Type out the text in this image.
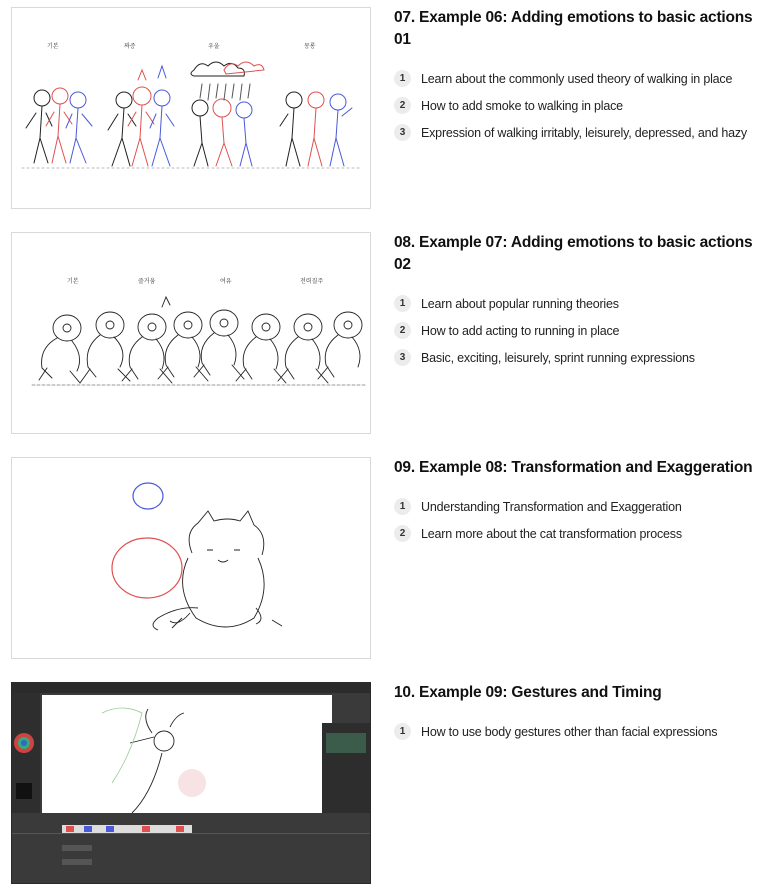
기본	짜증	우울	몽롱
07. Example 06: Adding emotions to basic actions 01
1	Learn about the commonly used theory of walking in place
2	How to add smoke to walking in place
3	Expression of walking irritably, leisurely, depressed, and hazy
기본	즐거움	여유	전력질주
08. Example 07: Adding emotions to basic actions 02
1	Learn about popular running theories
2	How to add acting to running in place
3	Basic, exciting, leisurely, sprint running expressions
09. Example 08: Transformation and Exaggeration
1	Understanding Transformation and Exaggeration
2	Learn more about the cat transformation process
10. Example 09: Gestures and Timing
1	How to use body gestures other than facial expressions
